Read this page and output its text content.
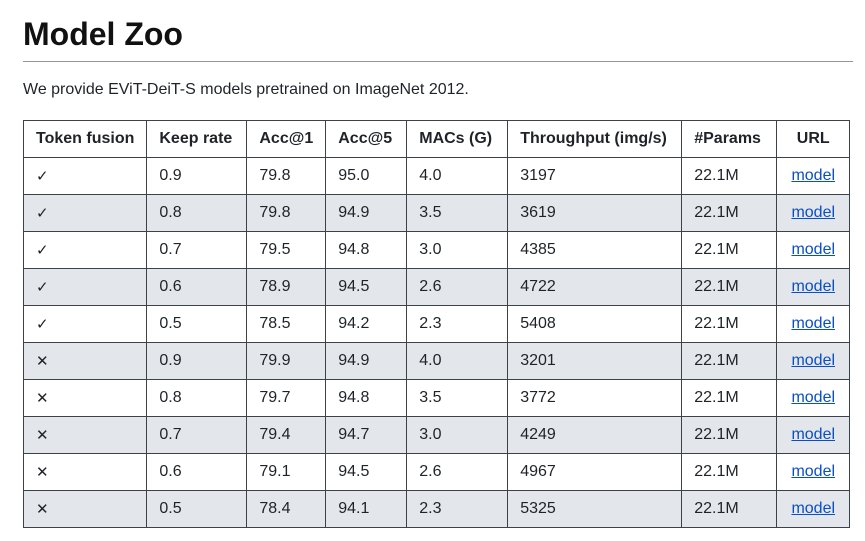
Model Zoo

We provide EViT-DeiT-S models pretrained on ImageNet 2012.

Token fusion	Keep rate	Acc@1	Acc@5	MACs (G)	Throughput (img/s)	#Params	URL
✓	0.9	79.8	95.0	4.0	3197	22.1M	model
✓	0.8	79.8	94.9	3.5	3619	22.1M	model
✓	0.7	79.5	94.8	3.0	4385	22.1M	model
✓	0.6	78.9	94.5	2.6	4722	22.1M	model
✓	0.5	78.5	94.2	2.3	5408	22.1M	model
✕	0.9	79.9	94.9	4.0	3201	22.1M	model
✕	0.8	79.7	94.8	3.5	3772	22.1M	model
✕	0.7	79.4	94.7	3.0	4249	22.1M	model
✕	0.6	79.1	94.5	2.6	4967	22.1M	model
✕	0.5	78.4	94.1	2.3	5325	22.1M	model
